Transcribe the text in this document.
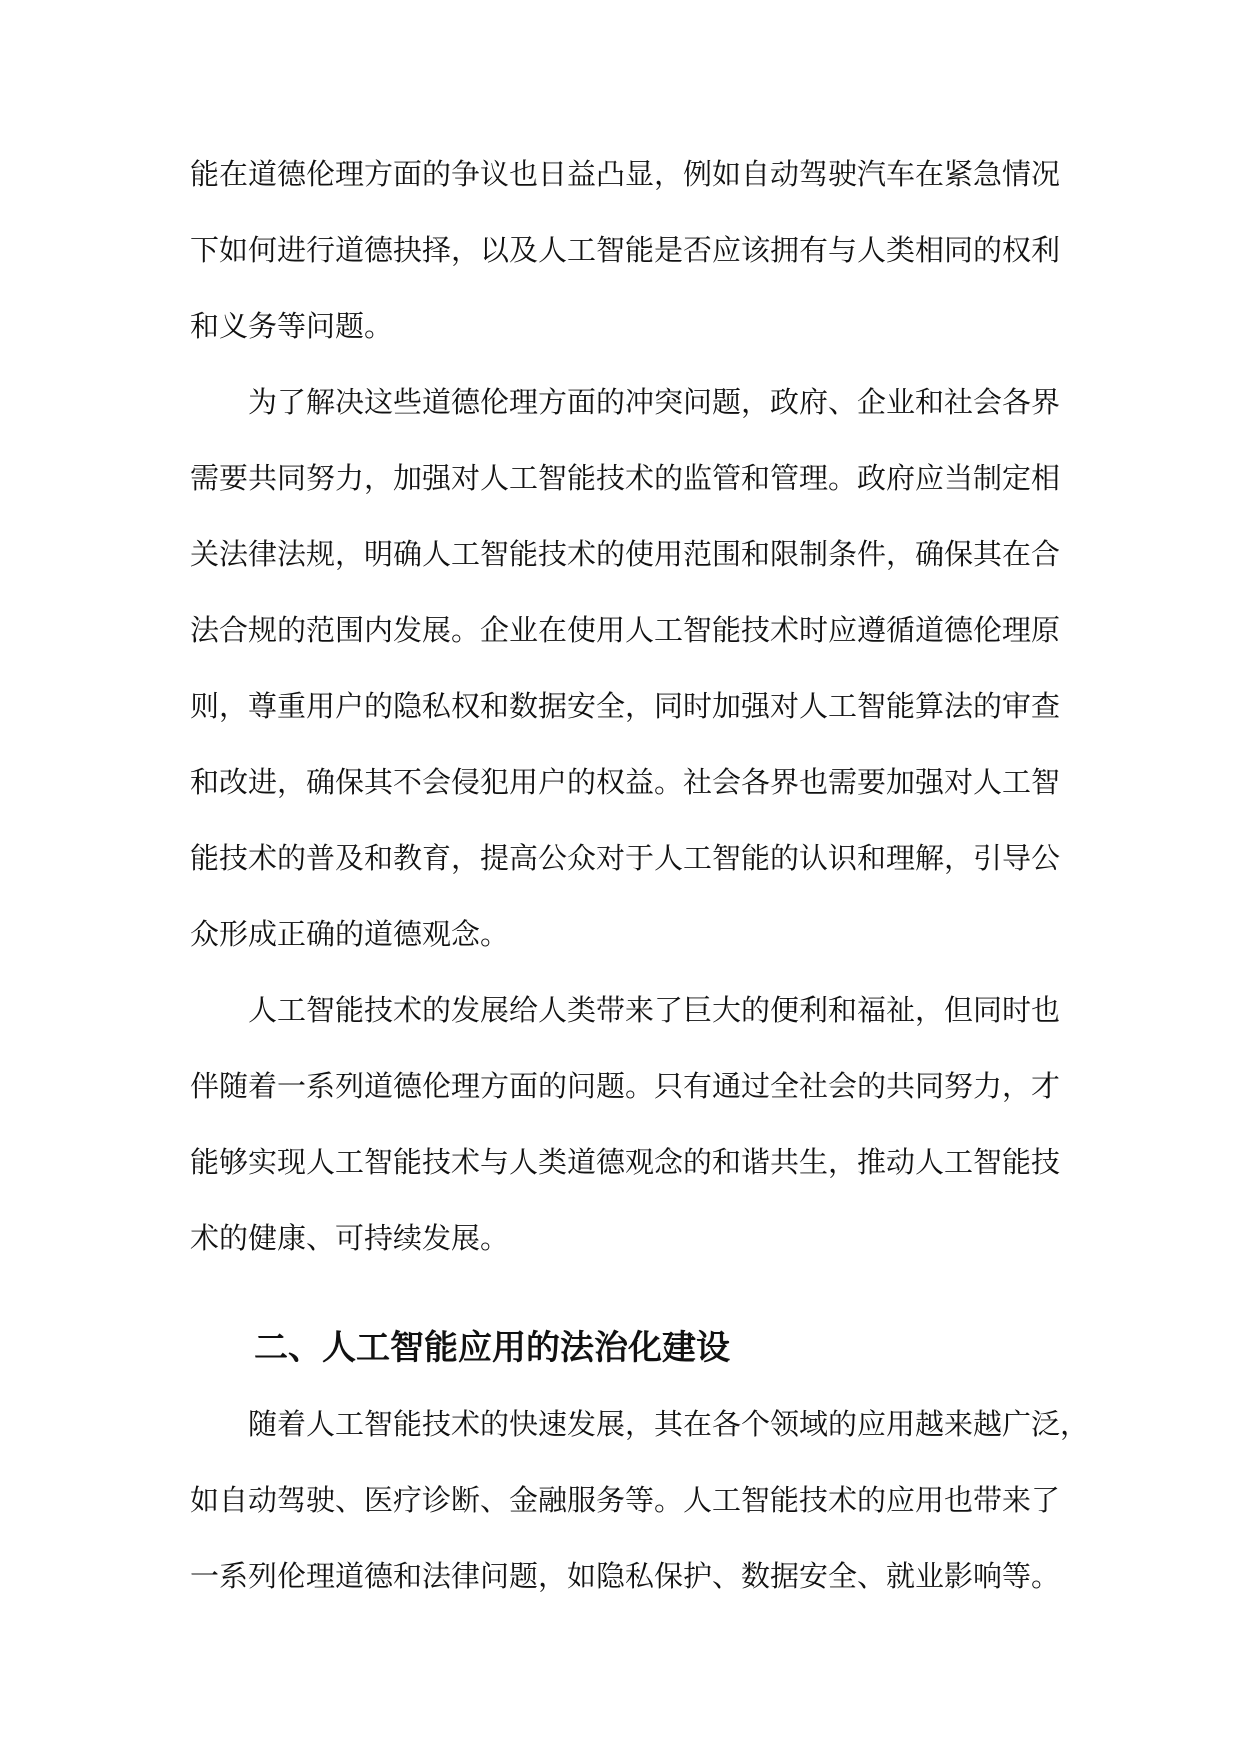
能在道德伦理方面的争议也日益凸显，例如自动驾驶汽车在紧急情况
下如何进行道德抉择，以及人工智能是否应该拥有与人类相同的权利
和义务等问题。
为了解决这些道德伦理方面的冲突问题，政府、企业和社会各界
需要共同努力，加强对人工智能技术的监管和管理。政府应当制定相
关法律法规，明确人工智能技术的使用范围和限制条件，确保其在合
法合规的范围内发展。企业在使用人工智能技术时应遵循道德伦理原
则，尊重用户的隐私权和数据安全，同时加强对人工智能算法的审查
和改进，确保其不会侵犯用户的权益。社会各界也需要加强对人工智
能技术的普及和教育，提高公众对于人工智能的认识和理解，引导公
众形成正确的道德观念。
人工智能技术的发展给人类带来了巨大的便利和福祉，但同时也
伴随着一系列道德伦理方面的问题。只有通过全社会的共同努力，才
能够实现人工智能技术与人类道德观念的和谐共生，推动人工智能技
术的健康、可持续发展。
二、人工智能应用的法治化建设
随着人工智能技术的快速发展，其在各个领域的应用越来越广泛，
如自动驾驶、医疗诊断、金融服务等。人工智能技术的应用也带来了
一系列伦理道德和法律问题，如隐私保护、数据安全、就业影响等。
